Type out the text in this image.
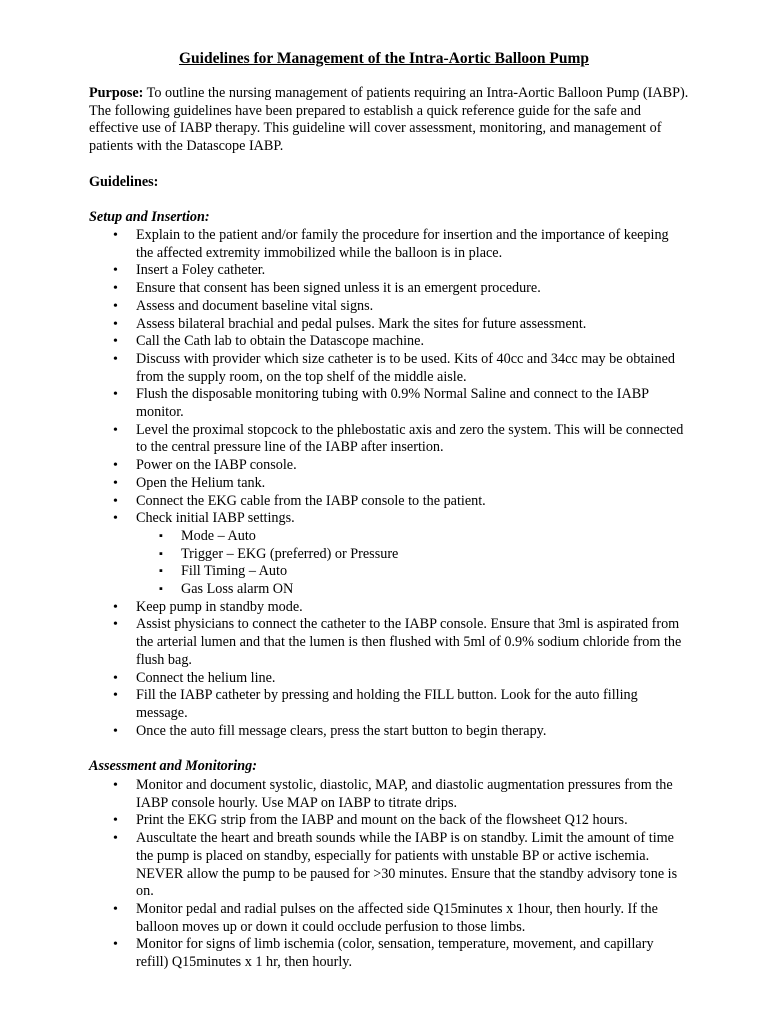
Guidelines for Management of the Intra-Aortic Balloon Pump

Purpose: To outline the nursing management of patients requiring an Intra-Aortic Balloon Pump (IABP). The following guidelines have been prepared to establish a quick reference guide for the safe and effective use of IABP therapy. This guideline will cover assessment, monitoring, and management of patients with the Datascope IABP.

Guidelines:

Setup and Insertion:

• Explain to the patient and/or family the procedure for insertion and the importance of keeping the affected extremity immobilized while the balloon is in place.
• Insert a Foley catheter.
• Ensure that consent has been signed unless it is an emergent procedure.
• Assess and document baseline vital signs.
• Assess bilateral brachial and pedal pulses. Mark the sites for future assessment.
• Call the Cath lab to obtain the Datascope machine.
• Discuss with provider which size catheter is to be used. Kits of 40cc and 34cc may be obtained from the supply room, on the top shelf of the middle aisle.
• Flush the disposable monitoring tubing with 0.9% Normal Saline and connect to the IABP monitor.
• Level the proximal stopcock to the phlebostatic axis and zero the system. This will be connected to the central pressure line of the IABP after insertion.
• Power on the IABP console.
• Open the Helium tank.
• Connect the EKG cable from the IABP console to the patient.
• Check initial IABP settings.
▪ Mode – Auto
▪ Trigger – EKG (preferred) or Pressure
▪ Fill Timing – Auto
▪ Gas Loss alarm ON
• Keep pump in standby mode.
• Assist physicians to connect the catheter to the IABP console. Ensure that 3ml is aspirated from the arterial lumen and that the lumen is then flushed with 5ml of 0.9% sodium chloride from the flush bag.
• Connect the helium line.
• Fill the IABP catheter by pressing and holding the FILL button. Look for the auto filling message.
• Once the auto fill message clears, press the start button to begin therapy.

Assessment and Monitoring:

• Monitor and document systolic, diastolic, MAP, and diastolic augmentation pressures from the IABP console hourly. Use MAP on IABP to titrate drips.
• Print the EKG strip from the IABP and mount on the back of the flowsheet Q12 hours.
• Auscultate the heart and breath sounds while the IABP is on standby. Limit the amount of time the pump is placed on standby, especially for patients with unstable BP or active ischemia. NEVER allow the pump to be paused for >30 minutes. Ensure that the standby advisory tone is on.
• Monitor pedal and radial pulses on the affected side Q15minutes x 1hour, then hourly. If the balloon moves up or down it could occlude perfusion to those limbs.
• Monitor for signs of limb ischemia (color, sensation, temperature, movement, and capillary refill) Q15minutes x 1 hr, then hourly.
